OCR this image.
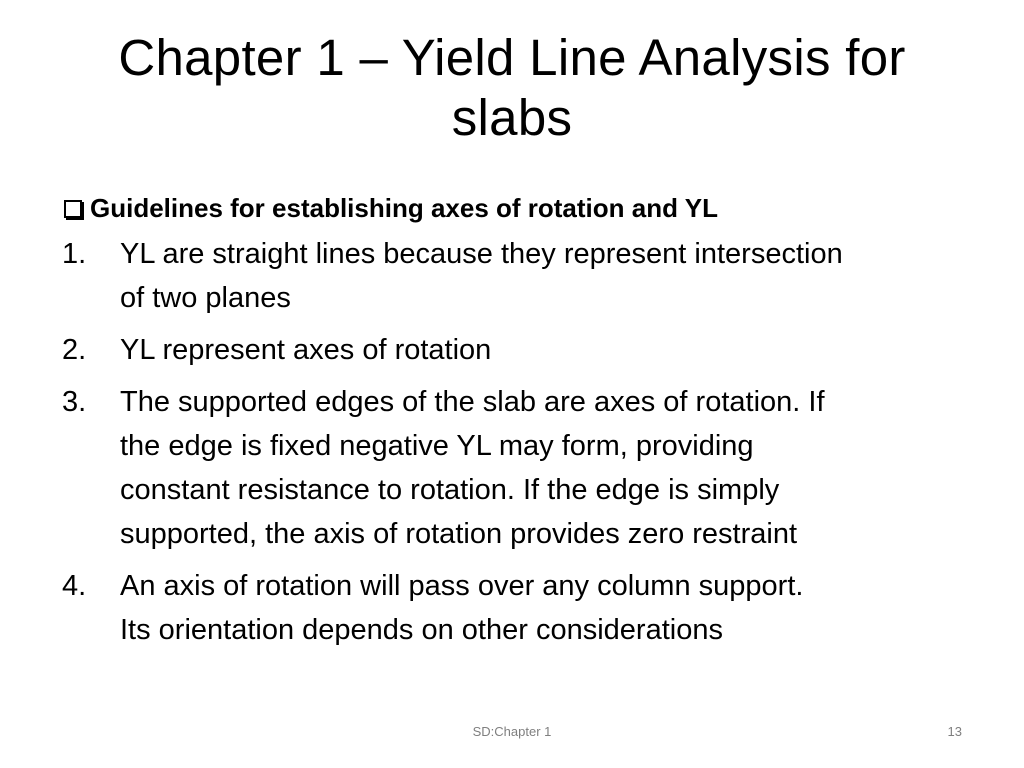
Chapter 1 – Yield Line Analysis for
slabs
Guidelines for establishing axes of rotation and YL
1.	YL are straight lines because they represent intersection
of two planes
2.	YL represent axes of rotation
3.	The supported edges of the slab are axes of rotation. If
the edge is fixed negative YL may form, providing
constant resistance to rotation. If the edge is simply
supported, the axis of rotation provides zero restraint
4.	An axis of rotation will pass over any column support.
Its orientation depends on other considerations
SD:Chapter 1	13
